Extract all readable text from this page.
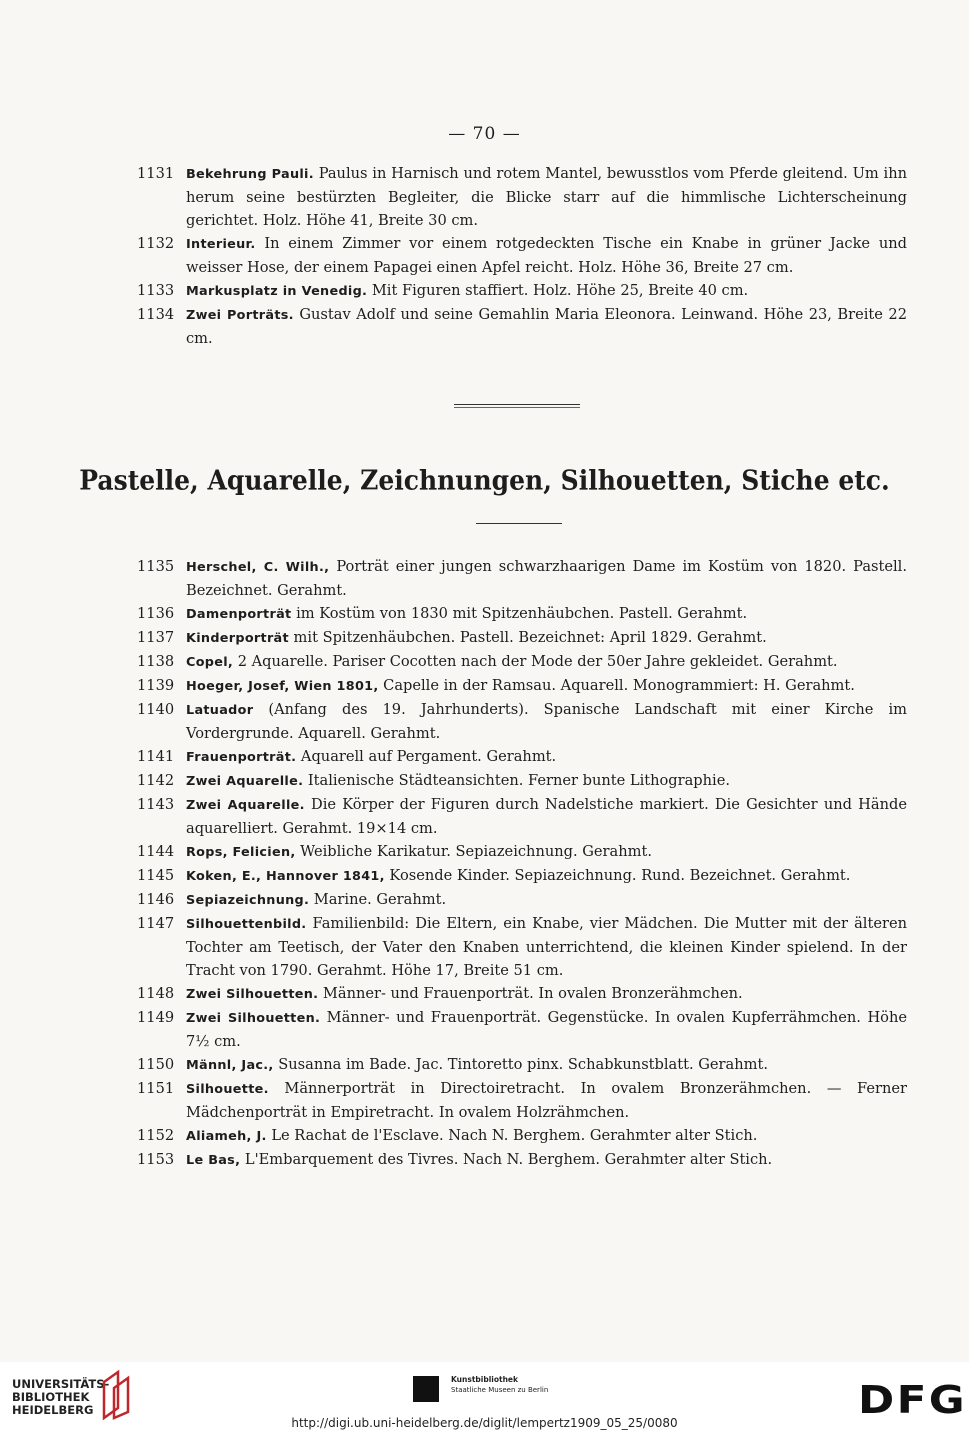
— 70 —
1131 Bekehrung Pauli. Paulus in Harnisch und rotem Mantel, bewusstlos vom Pferde gleitend. Um ihn herum seine bestürzten Begleiter, die Blicke starr auf die himmlische Lichterscheinung gerichtet. Holz. Höhe 41, Breite 30 cm.
1132 Interieur. In einem Zimmer vor einem rotgedeckten Tische ein Knabe in grüner Jacke und weisser Hose, der einem Papagei einen Apfel reicht. Holz. Höhe 36, Breite 27 cm.
1133 Markusplatz in Venedig. Mit Figuren staffiert. Holz. Höhe 25, Breite 40 cm.
1134 Zwei Porträts. Gustav Adolf und seine Gemahlin Maria Eleonora. Leinwand. Höhe 23, Breite 22 cm.
Pastelle, Aquarelle, Zeichnungen, Silhouetten, Stiche etc.
1135 Herschel, C. Wilh., Porträt einer jungen schwarzhaarigen Dame im Kostüm von 1820. Pastell. Bezeichnet. Gerahmt.
1136 Damenporträt im Kostüm von 1830 mit Spitzenhäubchen. Pastell. Gerahmt.
1137 Kinderporträt mit Spitzenhäubchen. Pastell. Bezeichnet: April 1829. Gerahmt.
1138 Copel, 2 Aquarelle. Pariser Cocotten nach der Mode der 50er Jahre gekleidet. Gerahmt.
1139 Hoeger, Josef, Wien 1801, Capelle in der Ramsau. Aquarell. Monogrammiert: H. Gerahmt.
1140 Latuador (Anfang des 19. Jahrhunderts). Spanische Landschaft mit einer Kirche im Vordergrunde. Aquarell. Gerahmt.
1141 Frauenporträt. Aquarell auf Pergament. Gerahmt.
1142 Zwei Aquarelle. Italienische Städteansichten. Ferner bunte Lithographie.
1143 Zwei Aquarelle. Die Körper der Figuren durch Nadelstiche markiert. Die Gesichter und Hände aquarelliert. Gerahmt. 19×14 cm.
1144 Rops, Felicien, Weibliche Karikatur. Sepiazeichnung. Gerahmt.
1145 Koken, E., Hannover 1841, Kosende Kinder. Sepiazeichnung. Rund. Bezeichnet. Gerahmt.
1146 Sepiazeichnung. Marine. Gerahmt.
1147 Silhouettenbild. Familienbild: Die Eltern, ein Knabe, vier Mädchen. Die Mutter mit der älteren Tochter am Teetisch, der Vater den Knaben unterrichtend, die kleinen Kinder spielend. In der Tracht von 1790. Gerahmt. Höhe 17, Breite 51 cm.
1148 Zwei Silhouetten. Männer- und Frauenporträt. In ovalen Bronzerähmchen.
1149 Zwei Silhouetten. Männer- und Frauenporträt. Gegenstücke. In ovalen Kupferrähmchen. Höhe 7½ cm.
1150 Männl, Jac., Susanna im Bade. Jac. Tintoretto pinx. Schabkunstblatt. Gerahmt.
1151 Silhouette. Männerporträt in Directoiretracht. In ovalem Bronzerähmchen. — Ferner Mädchenporträt in Empiretracht. In ovalem Holzrähmchen.
1152 Aliameh, J. Le Rachat de l'Esclave. Nach N. Berghem. Gerahmter alter Stich.
1153 Le Bas, L'Embarquement des Tivres. Nach N. Berghem. Gerahmter alter Stich.
UNIVERSITÄTS-
BIBLIOTHEK
HEIDELBERG
Kunstbibliothek
Staatliche Museen zu Berlin	DFG
http://digi.ub.uni-heidelberg.de/diglit/lempertz1909_05_25/0080
